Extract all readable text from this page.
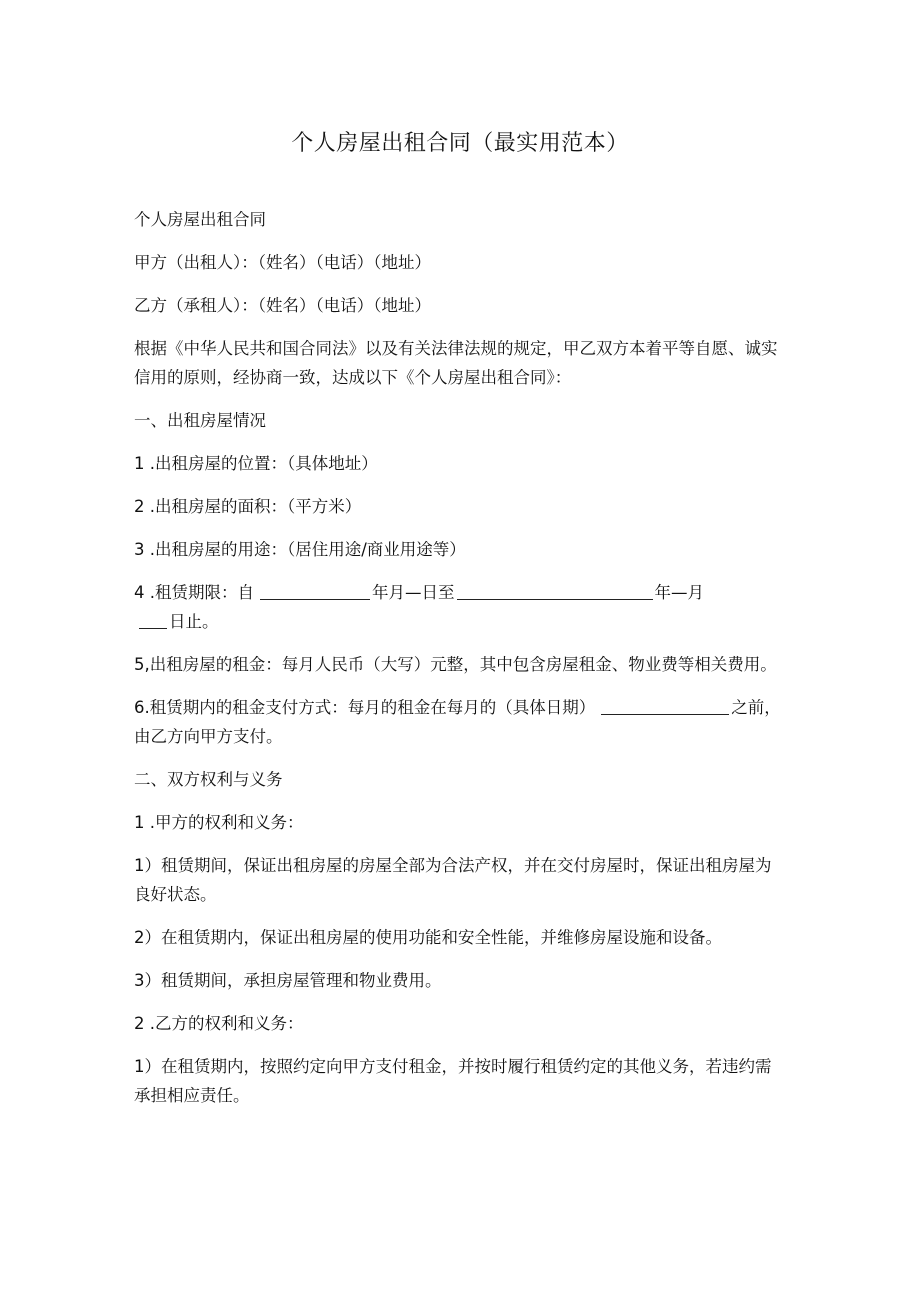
个人房屋出租合同（最实用范本）

个人房屋出租合同

甲方（出租人）：（姓名）（电话）（地址）

乙方（承租人）：（姓名）（电话）（地址）

根据《中华人民共和国合同法》以及有关法律法规的规定，甲乙双方本着平等自愿、诚实信用的原则，经协商一致，达成以下《个人房屋出租合同》：

一、出租房屋情况

1 .出租房屋的位置：（具体地址）

2 .出租房屋的面积：（平方米）

3 .出租房屋的用途：（居住用途/商业用途等）

4 .租赁期限：自	年月—日至	年—月
日止。

5,出租房屋的租金：每月人民币（大写）元整，其中包含房屋租金、物业费等相关费用。

6.租赁期内的租金支付方式：每月的租金在每月的（具体日期）	之前，由乙方向甲方支付。

二、双方权利与义务

1 .甲方的权利和义务：

1）租赁期间，保证出租房屋的房屋全部为合法产权，并在交付房屋时，保证出租房屋为良好状态。

2）在租赁期内，保证出租房屋的使用功能和安全性能，并维修房屋设施和设备。

3）租赁期间，承担房屋管理和物业费用。

2 .乙方的权利和义务：

1）在租赁期内，按照约定向甲方支付租金，并按时履行租赁约定的其他义务，若违约需承担相应责任。
